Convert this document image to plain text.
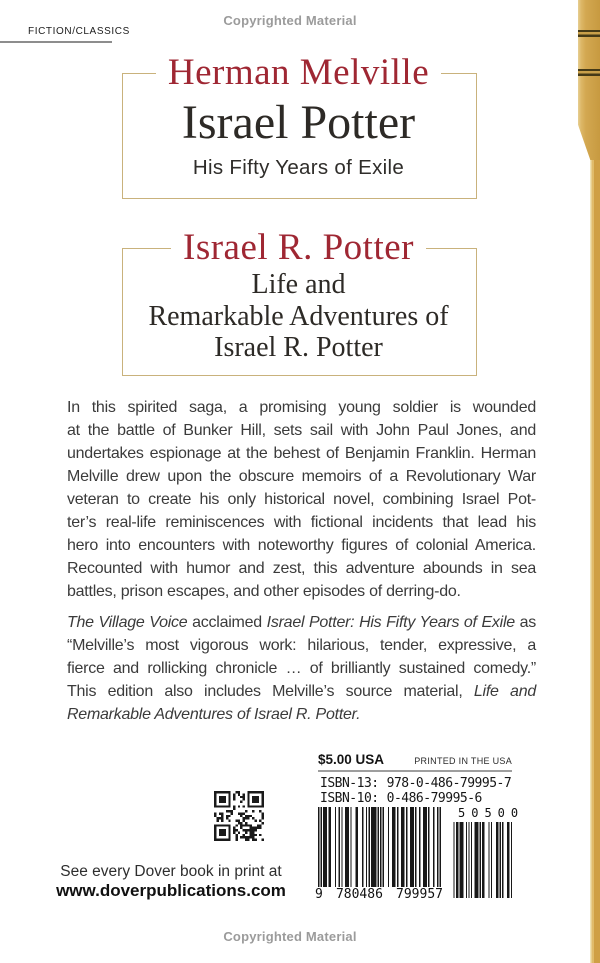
Copyrighted Material
FICTION/CLASSICS
Herman Melville
Israel Potter
His Fifty Years of Exile
Israel R. Potter
Life and
Remarkable Adventures of
Israel R. Potter
In this spirited saga, a promising young soldier is wounded
at the battle of Bunker Hill, sets sail with John Paul Jones, and
undertakes espionage at the behest of Benjamin Franklin. Herman
Melville drew upon the obscure memoirs of a Revolutionary War
veteran to create his only historical novel, combining Israel Pot-
ter’s real-life reminiscences with fictional incidents that lead his
hero into encounters with noteworthy figures of colonial America.
Recounted with humor and zest, this adventure abounds in sea
battles, prison escapes, and other episodes of derring-do.
The Village Voice acclaimed Israel Potter: His Fifty Years of Exile as
“Melville’s most vigorous work: hilarious, tender, expressive, a
fierce and rollicking chronicle … of brilliantly sustained comedy.”
This edition also includes Melville’s source material, Life and
Remarkable Adventures of Israel R. Potter.
$5.00 USA	PRINTED IN THE USA
ISBN-13: 978-0-486-79995-7
ISBN-10: 0-486-79995-6
9 780486 799957
50500
See every Dover book in print at
www.doverpublications.com
Copyrighted Material
